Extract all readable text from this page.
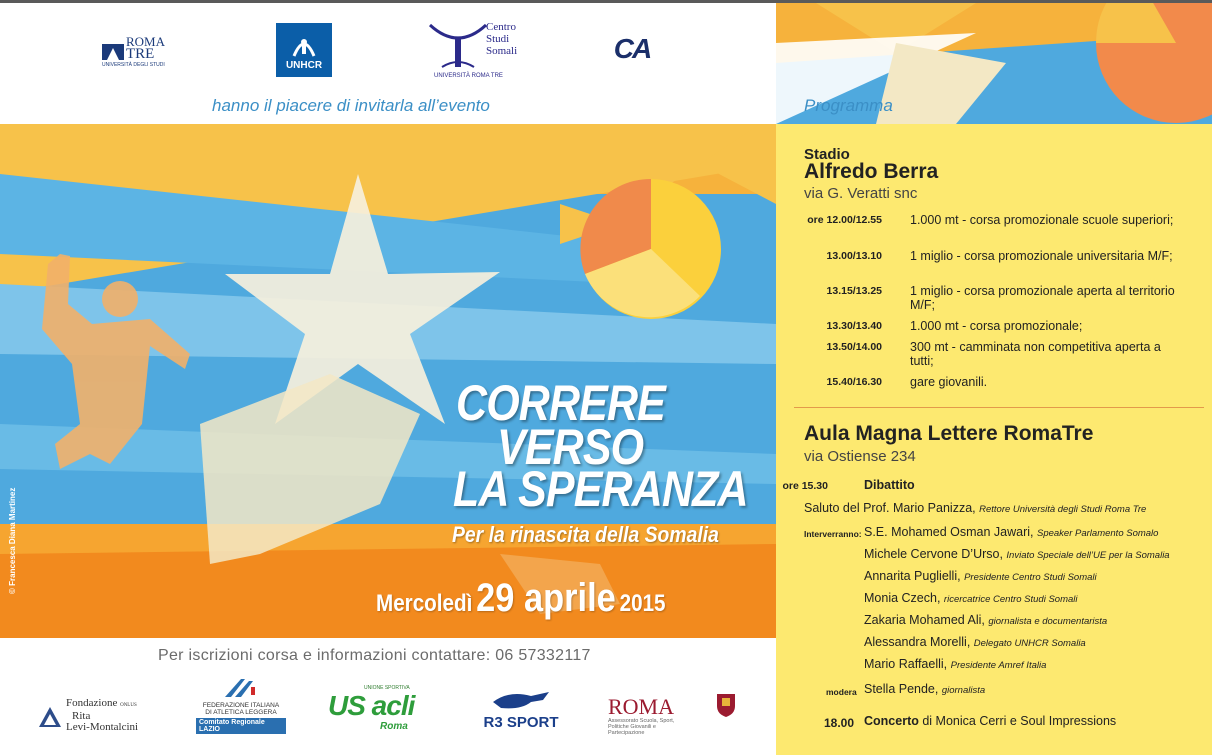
ROMA
TRE
UNIVERSITÀ DEGLI STUDI	UNHCR
Centro
Studi
Somali
UNIVERSITÀ ROMA TRE
CA
hanno il piacere di invitarla all’evento
© Francesca Diana Martinez
CORRERE
VERSO
LA SPERANZA
Per la rinascita della Somalia
Mercoledì 29 aprile 2015
Per iscrizioni corsa e informazioni contattare: 06 57332117
Fondazione ONLUS
Rita
Levi-Montalcini
FEDERAZIONE ITALIANA
DI ATLETICA LEGGERA
Comitato Regionale LAZIO
UNIONE SPORTIVA
US acli
Roma	R3 SPORT
ROMA
Assessorato Scuola, Sport,
Politiche Giovanili e Partecipazione
Programma
Stadio
Alfredo Berra
via G. Veratti snc
ore 12.00/12.55 1.000 mt - corsa promozionale scuole superiori;
13.00/13.10 1 miglio - corsa promozionale universitaria M/F;
13.15/13.25 1 miglio - corsa promozionale aperta al territorio M/F;
13.30/13.40 1.000 mt - corsa promozionale;
13.50/14.00 300 mt - camminata non competitiva aperta a tutti;
15.40/16.30 gare giovanili.
Aula Magna Lettere RomaTre
via Ostiense 234
ore 15.30	Dibattito
Saluto del Prof. Mario Panizza, Rettore Università degli Studi Roma Tre
Interverranno: S.E. Mohamed Osman Jawari, Speaker Parlamento Somalo
Michele Cervone D’Urso, Inviato Speciale dell’UE per la Somalia
Annarita Puglielli, Presidente Centro Studi Somali
Monia Czech, ricercatrice Centro Studi Somali
Zakaria Mohamed Ali, giornalista e documentarista
Alessandra Morelli, Delegato UNHCR Somalia
Mario Raffaelli, Presidente Amref Italia
modera Stella Pende, giornalista
18.00 Concerto di Monica Cerri e Soul Impressions
